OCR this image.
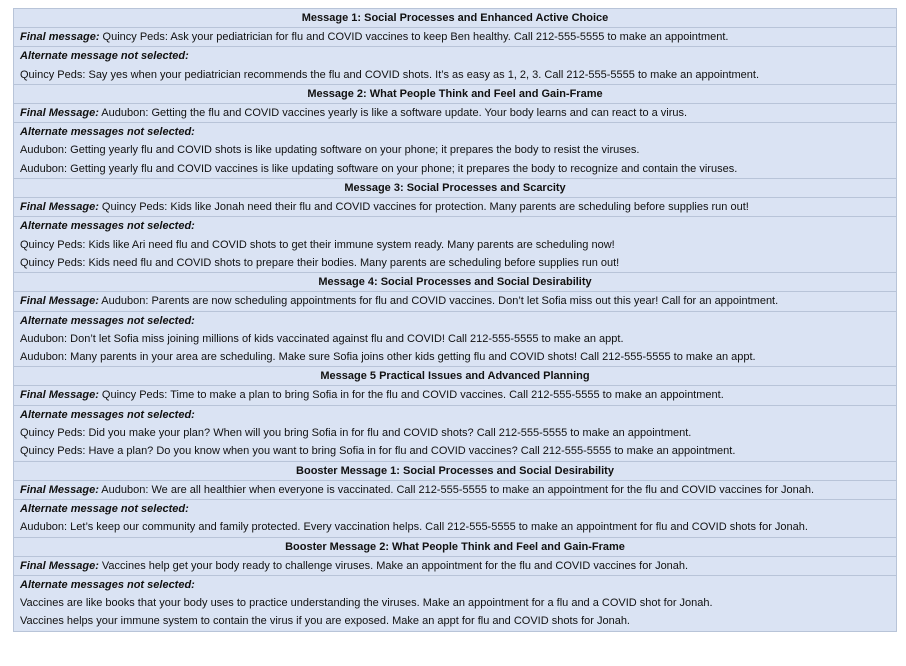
Message 1: Social Processes and Enhanced Active Choice
Final message: Quincy Peds: Ask your pediatrician for flu and COVID vaccines to keep Ben healthy. Call 212-555-5555 to make an appointment.
Alternate message not selected:
Quincy Peds: Say yes when your pediatrician recommends the flu and COVID shots. It’s as easy as 1, 2, 3. Call 212-555-5555 to make an appointment.
Message 2: What People Think and Feel and Gain-Frame
Final Message: Audubon: Getting the flu and COVID vaccines yearly is like a software update. Your body learns and can react to a virus.
Alternate messages not selected:
Audubon: Getting yearly flu and COVID shots is like updating software on your phone; it prepares the body to resist the viruses.
Audubon: Getting yearly flu and COVID vaccines is like updating software on your phone; it prepares the body to recognize and contain the viruses.
Message 3: Social Processes and Scarcity
Final Message: Quincy Peds: Kids like Jonah need their flu and COVID vaccines for protection. Many parents are scheduling before supplies run out!
Alternate messages not selected:
Quincy Peds: Kids like Ari need flu and COVID shots to get their immune system ready. Many parents are scheduling now!
Quincy Peds: Kids need flu and COVID shots to prepare their bodies. Many parents are scheduling before supplies run out!
Message 4: Social Processes and Social Desirability
Final Message: Audubon: Parents are now scheduling appointments for flu and COVID vaccines. Don’t let Sofia miss out this year! Call for an appointment.
Alternate messages not selected:
Audubon: Don’t let Sofia miss joining millions of kids vaccinated against flu and COVID! Call 212-555-5555 to make an appt.
Audubon: Many parents in your area are scheduling. Make sure Sofia joins other kids getting flu and COVID shots! Call 212-555-5555 to make an appt.
Message 5 Practical Issues and Advanced Planning
Final Message: Quincy Peds: Time to make a plan to bring Sofia in for the flu and COVID vaccines. Call 212-555-5555 to make an appointment.
Alternate messages not selected:
Quincy Peds: Did you make your plan? When will you bring Sofia in for flu and COVID shots? Call 212-555-5555 to make an appointment.
Quincy Peds: Have a plan? Do you know when you want to bring Sofia in for flu and COVID vaccines? Call 212-555-5555 to make an appointment.
Booster Message 1: Social Processes and Social Desirability
Final Message: Audubon: We are all healthier when everyone is vaccinated. Call 212-555-5555 to make an appointment for the flu and COVID vaccines for Jonah.
Alternate message not selected:
Audubon: Let’s keep our community and family protected. Every vaccination helps. Call 212-555-5555 to make an appointment for flu and COVID shots for Jonah.
Booster Message 2: What People Think and Feel and Gain-Frame
Final Message: Vaccines help get your body ready to challenge viruses. Make an appointment for the flu and COVID vaccines for Jonah.
Alternate messages not selected:
Vaccines are like books that your body uses to practice understanding the viruses. Make an appointment for a flu and a COVID shot for Jonah.
Vaccines helps your immune system to contain the virus if you are exposed. Make an appt for flu and COVID shots for Jonah.
